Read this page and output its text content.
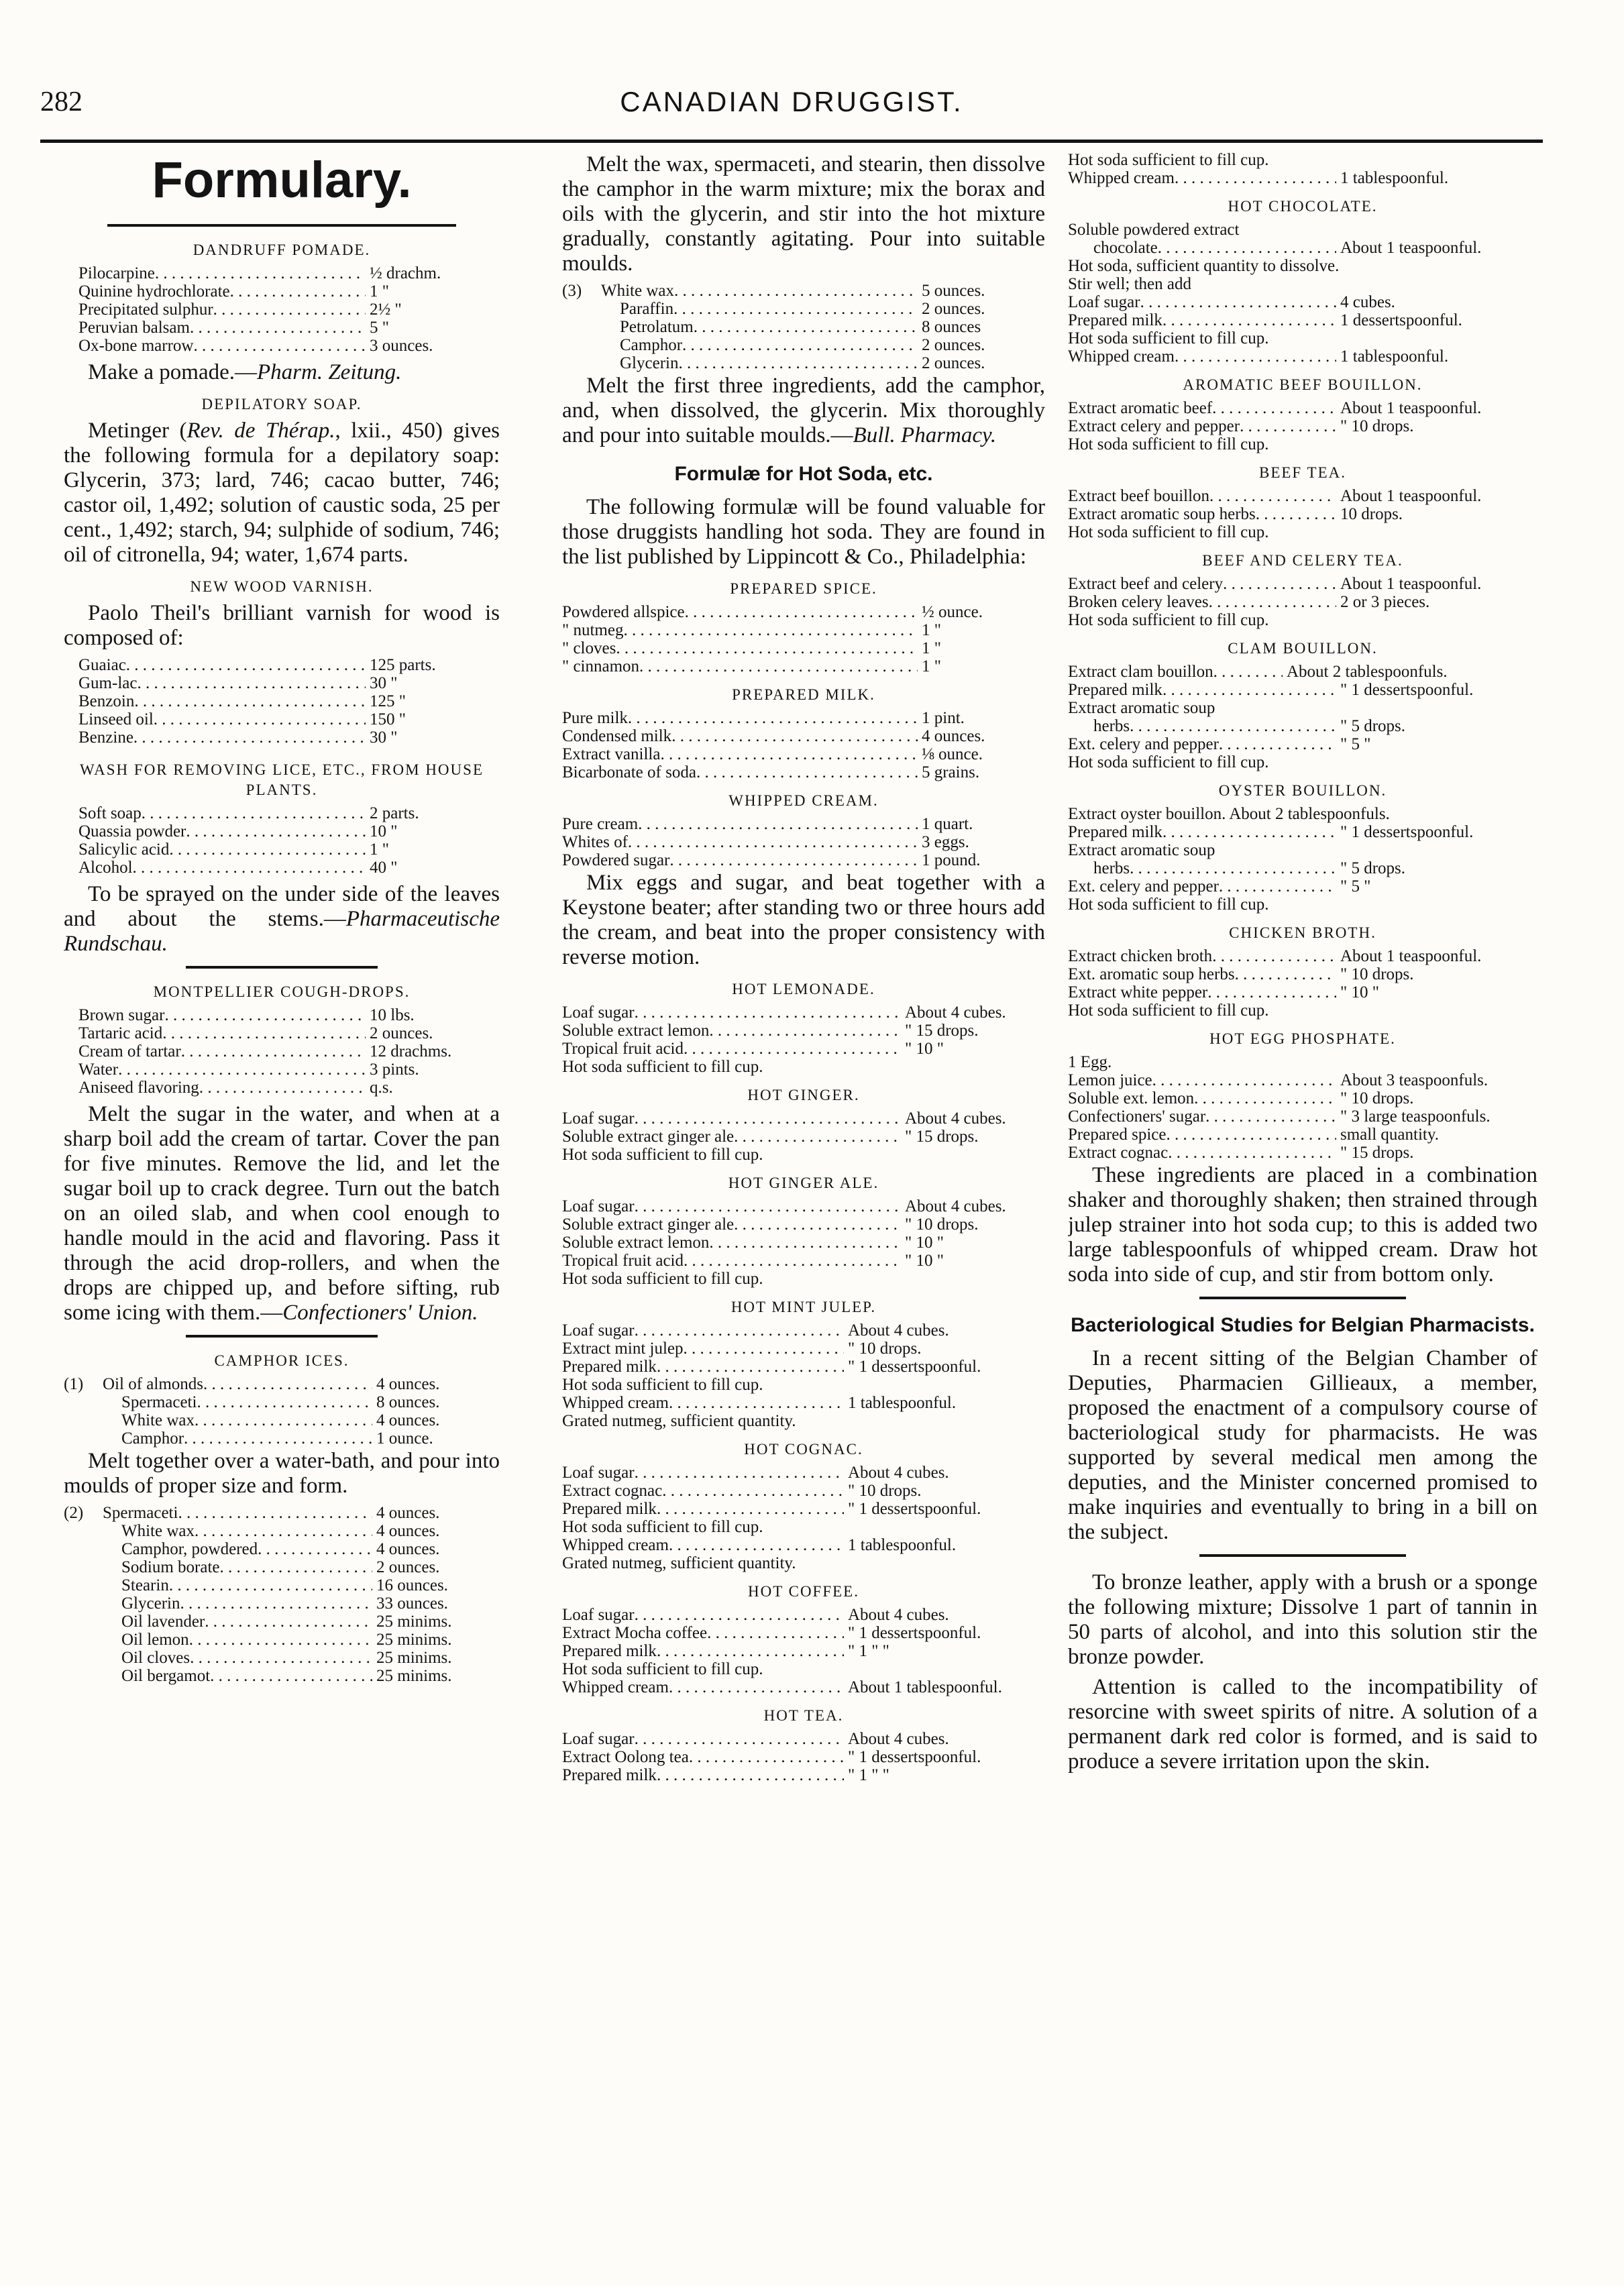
282	CANADIAN DRUGGIST.
Formulary.
DANDRUFF POMADE.
Pilocarpine . . .	½ drachm.
Quinine hydrochlorate . . .	1 "
Precipitated sulphur . . .	2½ "
Peruvian balsam . . .	5 "
Ox-bone marrow . . .	3 ounces.
Make a pomade.—Pharm. Zeitung.
DEPILATORY SOAP.
Metinger (Rev. de Thérap., lxii., 450) gives the following formula for a depilatory soap: Glycerin, 373; lard, 746; cacao butter, 746; castor oil, 1,492; solution of caustic soda, 25 per cent., 1,492; starch, 94; sulphide of sodium, 746; oil of citronella, 94; water, 1,674 parts.
NEW WOOD VARNISH.
Paolo Theil's brilliant varnish for wood is composed of:
Guaiac . . .	125 parts.
Gum-lac . . .	30 "
Benzoin . . .	125 "
Linseed oil . . .	150 "
Benzine . . .	30 "
WASH FOR REMOVING LICE, ETC., FROM HOUSE PLANTS.
Soft soap . . .	2 parts.
Quassia powder . . .	10 "
Salicylic acid . . .	1 "
Alcohol . . .	40 "
To be sprayed on the under side of the leaves and about the stems.—Pharmaceutische Rundschau.
MONTPELLIER COUGH-DROPS.
Brown sugar . . .	10 lbs.
Tartaric acid . . .	2 ounces.
Cream of tartar . . .	12 drachms.
Water . . .	3 pints.
Aniseed flavoring . . .	q.s.
Melt the sugar in the water, and when at a sharp boil add the cream of tartar. Cover the pan for five minutes. Remove the lid, and let the sugar boil up to crack degree. Turn out the batch on an oiled slab, and when cool enough to handle mould in the acid and flavoring. Pass it through the acid drop-rollers, and when the drops are chipped up, and before sifting, rub some icing with them.—Confectioners' Union.
CAMPHOR ICES.
(1) Oil of almonds . . .	4 ounces.
Spermaceti . . .	8 ounces.
White wax . . .	4 ounces.
Camphor . . .	1 ounce.
Melt together over a water-bath, and pour into moulds of proper size and form.
(2) Spermaceti . . .	4 ounces.
White wax . . .	4 ounces.
Camphor, powdered . . .	4 ounces.
Sodium borate . . .	2 ounces.
Stearin . . .	16 ounces.
Glycerin . . .	33 ounces.
Oil lavender . . .	25 minims.
Oil lemon . . .	25 minims.
Oil cloves . . .	25 minims.
Oil bergamot . . .	25 minims.
Melt the wax, spermaceti, and stearin, then dissolve the camphor in the warm mixture; mix the borax and oils with the glycerin, and stir into the hot mixture gradually, constantly agitating. Pour into suitable moulds.
(3) White wax . . .	5 ounces.
Paraffin . . .	2 ounces.
Petrolatum . . .	8 ounces
Camphor . . .	2 ounces.
Glycerin . . .	2 ounces.
Melt the first three ingredients, add the camphor, and, when dissolved, the glycerin. Mix thoroughly and pour into suitable moulds.—Bull. Pharmacy.
Formulæ for Hot Soda, etc.
The following formulæ will be found valuable for those druggists handling hot soda. They are found in the list published by Lippincott & Co., Philadelphia:
PREPARED SPICE.
Powdered allspice . . .	½ ounce.
" nutmeg . . .	1 "
" cloves . . .	1 "
" cinnamon . . .	1 "
PREPARED MILK.
Pure milk . . .	1 pint.
Condensed milk . . .	4 ounces.
Extract vanilla . . .	⅛ ounce.
Bicarbonate of soda . . .	5 grains.
WHIPPED CREAM.
Pure cream . . .	1 quart.
Whites of . . .	3 eggs.
Powdered sugar . . .	1 pound.
Mix eggs and sugar, and beat together with a Keystone beater; after standing two or three hours add the cream, and beat into the proper consistency with reverse motion.
HOT LEMONADE.
Loaf sugar . . .	About 4 cubes.
Soluble extract lemon . . .	" 15 drops.
Tropical fruit acid . . .	" 10 "
Hot soda sufficient to fill cup.
HOT GINGER.
Loaf sugar . . .	About 4 cubes.
Soluble extract ginger ale . . .	" 15 drops.
Hot soda sufficient to fill cup.
HOT GINGER ALE.
Loaf sugar . . .	About 4 cubes.
Soluble extract ginger ale . . .	" 10 drops.
Soluble extract lemon . . .	" 10 "
Tropical fruit acid . . .	" 10 "
Hot soda sufficient to fill cup.
HOT MINT JULEP.
Loaf sugar . . .	About 4 cubes.
Extract mint julep . . .	" 10 drops.
Prepared milk . . .	" 1 dessertspoonful.
Hot soda sufficient to fill cup.
Whipped cream . . .	1 tablespoonful.
Grated nutmeg, sufficient quantity.
HOT COGNAC.
Loaf sugar . . .	About 4 cubes.
Extract cognac . . .	" 10 drops.
Prepared milk . . .	" 1 dessertspoonful.
Hot soda sufficient to fill cup.
Whipped cream . . .	1 tablespoonful.
Grated nutmeg, sufficient quantity.
HOT COFFEE.
Loaf sugar . . .	About 4 cubes.
Extract Mocha coffee . . .	" 1 dessertspoonful.
Prepared milk . . .	" 1 " "
Hot soda sufficient to fill cup.
Whipped cream . . .	About 1 tablespoonful.
HOT TEA.
Loaf sugar . . .	About 4 cubes.
Extract Oolong tea . . .	" 1 dessertspoonful.
Prepared milk . . .	" 1 " "
Hot soda sufficient to fill cup.
Whipped cream . . .	1 tablespoonful.
HOT CHOCOLATE.
Soluble powdered extract
chocolate . . .	About 1 teaspoonful.
Hot soda, sufficient quantity to dissolve.
Stir well; then add
Loaf sugar . . .	4 cubes.
Prepared milk . . .	1 dessertspoonful.
Hot soda sufficient to fill cup.
Whipped cream . . .	1 tablespoonful.
AROMATIC BEEF BOUILLON.
Extract aromatic beef . . .	About 1 teaspoonful.
Extract celery and pepper . . .	" 10 drops.
Hot soda sufficient to fill cup.
BEEF TEA.
Extract beef bouillon . . .	About 1 teaspoonful.
Extract aromatic soup herbs . . .	10 drops.
Hot soda sufficient to fill cup.
BEEF AND CELERY TEA.
Extract beef and celery . . .	About 1 teaspoonful.
Broken celery leaves . . .	2 or 3 pieces.
Hot soda sufficient to fill cup.
CLAM BOUILLON.
Extract clam bouillon . . .	About 2 tablespoonfuls.
Prepared milk . . .	" 1 dessertspoonful.
Extract aromatic soup
herbs . . .	" 5 drops.
Ext. celery and pepper . . .	" 5 "
Hot soda sufficient to fill cup.
OYSTER BOUILLON.
Extract oyster bouillon. About 2 tablespoonfuls.
Prepared milk . . .	" 1 dessertspoonful.
Extract aromatic soup
herbs . . .	" 5 drops.
Ext. celery and pepper . . .	" 5 "
Hot soda sufficient to fill cup.
CHICKEN BROTH.
Extract chicken broth . . .	About 1 teaspoonful.
Ext. aromatic soup herbs . . .	" 10 drops.
Extract white pepper . . .	" 10 "
Hot soda sufficient to fill cup.
HOT EGG PHOSPHATE.
1 Egg.
Lemon juice . . .	About 3 teaspoonfuls.
Soluble ext. lemon . . .	" 10 drops.
Confectioners' sugar . . .	" 3 large teaspoonfuls.
Prepared spice . . .	small quantity.
Extract cognac . . .	" 15 drops.
These ingredients are placed in a combination shaker and thoroughly shaken; then strained through julep strainer into hot soda cup; to this is added two large tablespoonfuls of whipped cream. Draw hot soda into side of cup, and stir from bottom only.
Bacteriological Studies for Belgian Pharmacists.
In a recent sitting of the Belgian Chamber of Deputies, Pharmacien Gillieaux, a member, proposed the enactment of a compulsory course of bacteriological study for pharmacists. He was supported by several medical men among the deputies, and the Minister concerned promised to make inquiries and eventually to bring in a bill on the subject.
To bronze leather, apply with a brush or a sponge the following mixture; Dissolve 1 part of tannin in 50 parts of alcohol, and into this solution stir the bronze powder.
Attention is called to the incompatibility of resorcine with sweet spirits of nitre. A solution of a permanent dark red color is formed, and is said to produce a severe irritation upon the skin.
